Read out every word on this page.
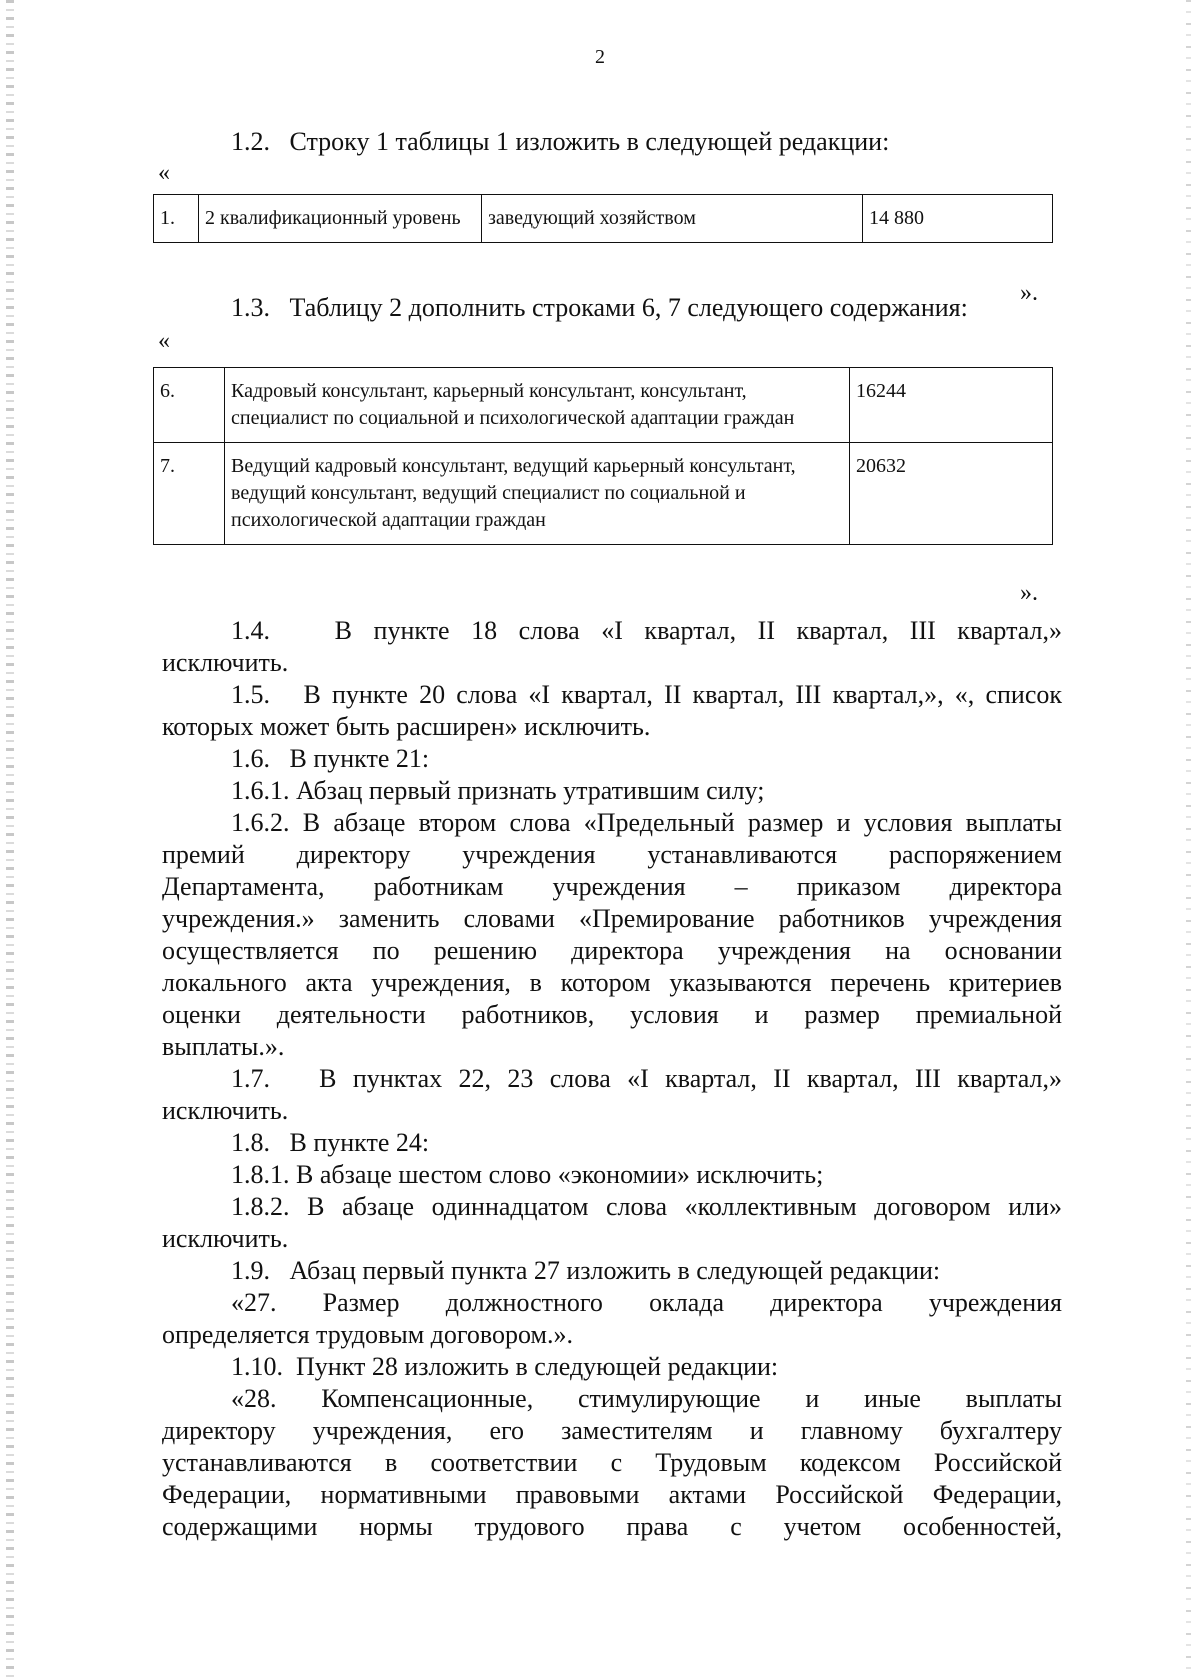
2
1.2.   Строку 1 таблицы 1 изложить в следующей редакции:
«
1.	2 квалификационный уровень	заведующий хозяйством	14 880
».
1.3.   Таблицу 2 дополнить строками 6, 7 следующего содержания:
«
6.	Кадровый консультант, карьерный консультант, консультант, специалист по социальной и психологической адаптации граждан	16244
7.	Ведущий кадровый консультант, ведущий карьерный консультант, ведущий консультант, ведущий специалист по социальной и психологической адаптации граждан	20632
».
1.4.   В пункте 18 слова «I квартал, II квартал, III квартал,»
исключить.
1.5.   В пункте 20 слова «I квартал, II квартал, III квартал,», «, список
которых может быть расширен» исключить.
1.6.   В пункте 21:
1.6.1. Абзац первый признать утратившим силу;
1.6.2. В абзаце втором слова «Предельный размер и условия выплаты
премий директору учреждения устанавливаются распоряжением
Департамента, работникам учреждения – приказом директора
учреждения.» заменить словами «Премирование работников учреждения
осуществляется по решению директора учреждения на основании
локального акта учреждения, в котором указываются перечень критериев
оценки деятельности работников, условия и размер премиальной
выплаты.».
1.7.   В пунктах 22, 23 слова «I квартал, II квартал, III квартал,»
исключить.
1.8.   В пункте 24:
1.8.1. В абзаце шестом слово «экономии» исключить;
1.8.2. В абзаце одиннадцатом слова «коллективным договором или»
исключить.
1.9.   Абзац первый пункта 27 изложить в следующей редакции:
«27. Размер должностного оклада директора учреждения
определяется трудовым договором.».
1.10.  Пункт 28 изложить в следующей редакции:
«28. Компенсационные, стимулирующие и иные выплаты
директору учреждения, его заместителям и главному бухгалтеру
устанавливаются в соответствии с Трудовым кодексом Российской
Федерации, нормативными правовыми актами Российской Федерации,
содержащими нормы трудового права с учетом особенностей,
